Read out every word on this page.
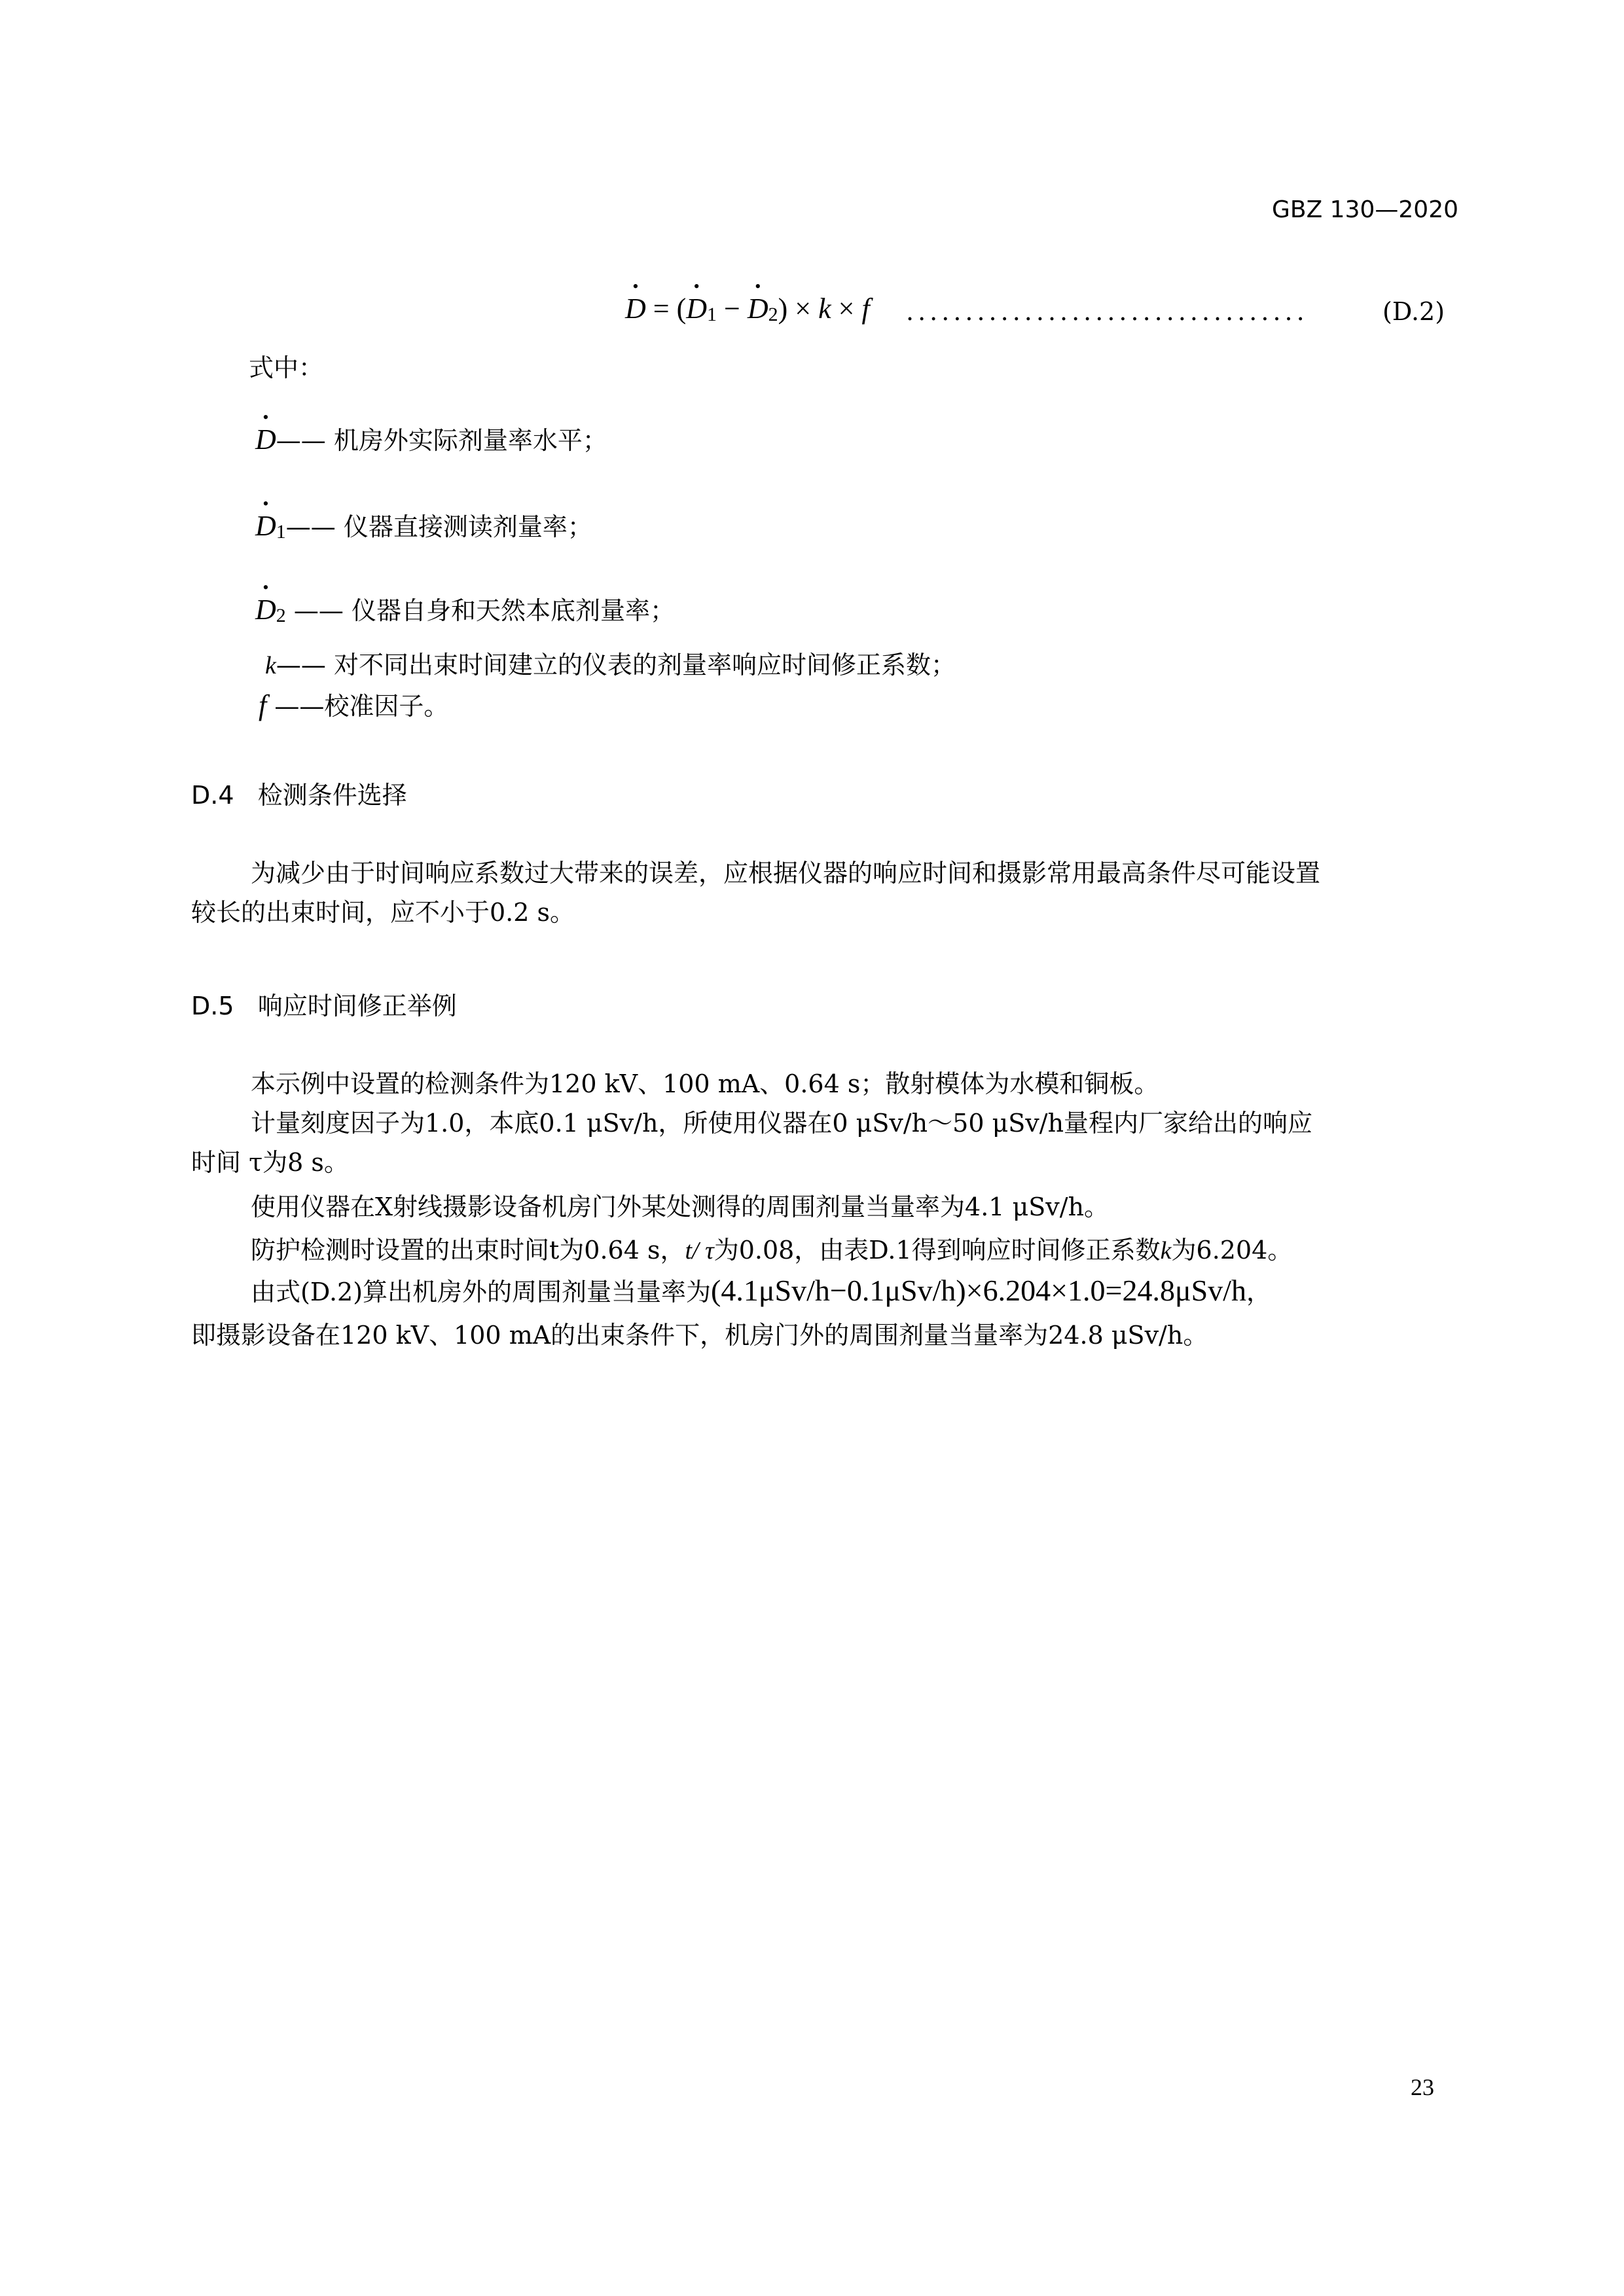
GBZ 130—2020
• D = (• D1 − • D2) × k × f ..................................	(D.2)
式中：
• D—— 机房外实际剂量率水平；
• D1—— 仪器直接测读剂量率；
• D2 —— 仪器自身和天然本底剂量率；
k—— 对不同出束时间建立的仪表的剂量率响应时间修正系数；
f ——校准因子。
D.4 检测条件选择
为减少由于时间响应系数过大带来的误差，应根据仪器的响应时间和摄影常用最高条件尽可能设置
较长的出束时间，应不小于0.2 s。
D.5 响应时间修正举例
本示例中设置的检测条件为120 kV、100 mA、0.64 s；散射模体为水模和铜板。
计量刻度因子为1.0，本底0.1 μSv/h，所使用仪器在0 μSv/h～50 μSv/h量程内厂家给出的响应
时间 τ为8 s。
使用仪器在X射线摄影设备机房门外某处测得的周围剂量当量率为4.1 μSv/h。
防护检测时设置的出束时间t为0.64 s，t/ τ为0.08，由表D.1得到响应时间修正系数k为6.204。
由式(D.2)算出机房外的周围剂量当量率为(4.1μSv/h−0.1μSv/h)×6.204×1.0=24.8μSv/h，
即摄影设备在120 kV、100 mA的出束条件下，机房门外的周围剂量当量率为24.8 μSv/h。
23
